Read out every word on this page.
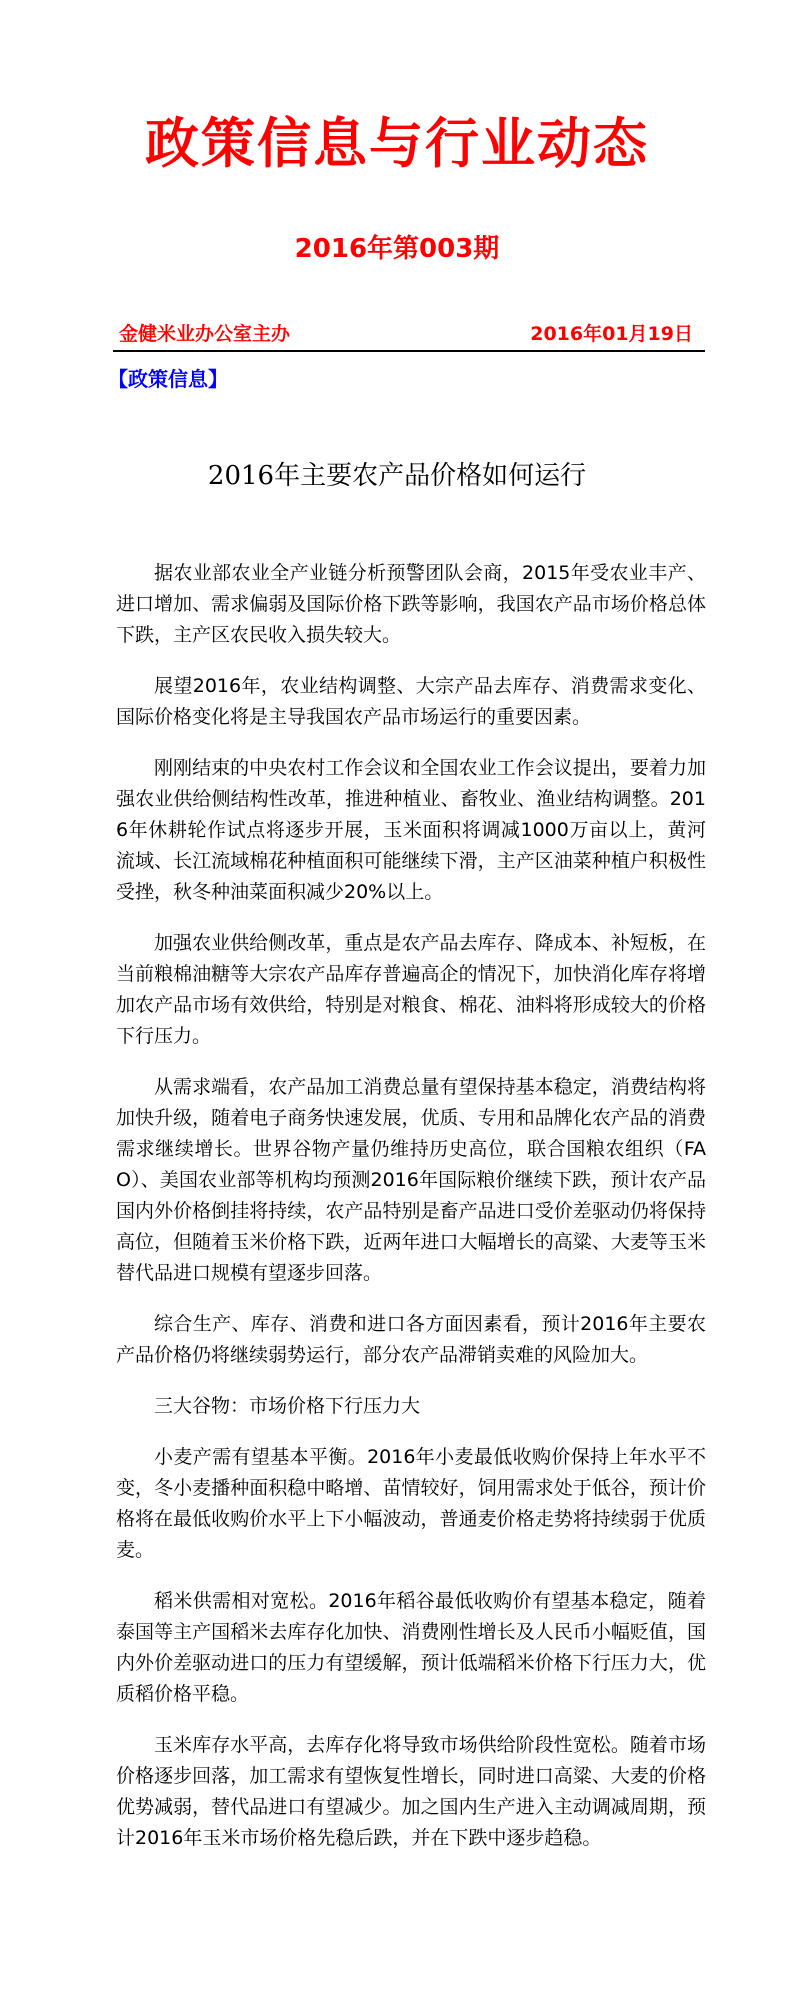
政策信息与行业动态
2016年第003期
金健米业办公室主办	2016年01月19日
【政策信息】
2016年主要农产品价格如何运行

据农业部农业全产业链分析预警团队会商，2015年受农业丰产、进口增加、需求偏弱及国际价格下跌等影响，我国农产品市场价格总体下跌，主产区农民收入损失较大。

展望2016年，农业结构调整、大宗产品去库存、消费需求变化、国际价格变化将是主导我国农产品市场运行的重要因素。

刚刚结束的中央农村工作会议和全国农业工作会议提出，要着力加强农业供给侧结构性改革，推进种植业、畜牧业、渔业结构调整。2016年休耕轮作试点将逐步开展，玉米面积将调减1000万亩以上，黄河流域、长江流域棉花种植面积可能继续下滑，主产区油菜种植户积极性受挫，秋冬种油菜面积减少20%以上。

加强农业供给侧改革，重点是农产品去库存、降成本、补短板，在当前粮棉油糖等大宗农产品库存普遍高企的情况下，加快消化库存将增加农产品市场有效供给，特别是对粮食、棉花、油料将形成较大的价格下行压力。

从需求端看，农产品加工消费总量有望保持基本稳定，消费结构将加快升级，随着电子商务快速发展，优质、专用和品牌化农产品的消费需求继续增长。世界谷物产量仍维持历史高位，联合国粮农组织（FAO）、美国农业部等机构均预测2016年国际粮价继续下跌，预计农产品国内外价格倒挂将持续，农产品特别是畜产品进口受价差驱动仍将保持高位，但随着玉米价格下跌，近两年进口大幅增长的高粱、大麦等玉米替代品进口规模有望逐步回落。

综合生产、库存、消费和进口各方面因素看，预计2016年主要农产品价格仍将继续弱势运行，部分农产品滞销卖难的风险加大。

三大谷物：市场价格下行压力大

小麦产需有望基本平衡。2016年小麦最低收购价保持上年水平不变，冬小麦播种面积稳中略增、苗情较好，饲用需求处于低谷，预计价格将在最低收购价水平上下小幅波动，普通麦价格走势将持续弱于优质麦。

稻米供需相对宽松。2016年稻谷最低收购价有望基本稳定，随着泰国等主产国稻米去库存化加快、消费刚性增长及人民币小幅贬值，国内外价差驱动进口的压力有望缓解，预计低端稻米价格下行压力大，优质稻价格平稳。

玉米库存水平高，去库存化将导致市场供给阶段性宽松。随着市场价格逐步回落，加工需求有望恢复性增长，同时进口高粱、大麦的价格优势减弱，替代品进口有望减少。加之国内生产进入主动调减周期，预计2016年玉米市场价格先稳后跌，并在下跌中逐步趋稳。
